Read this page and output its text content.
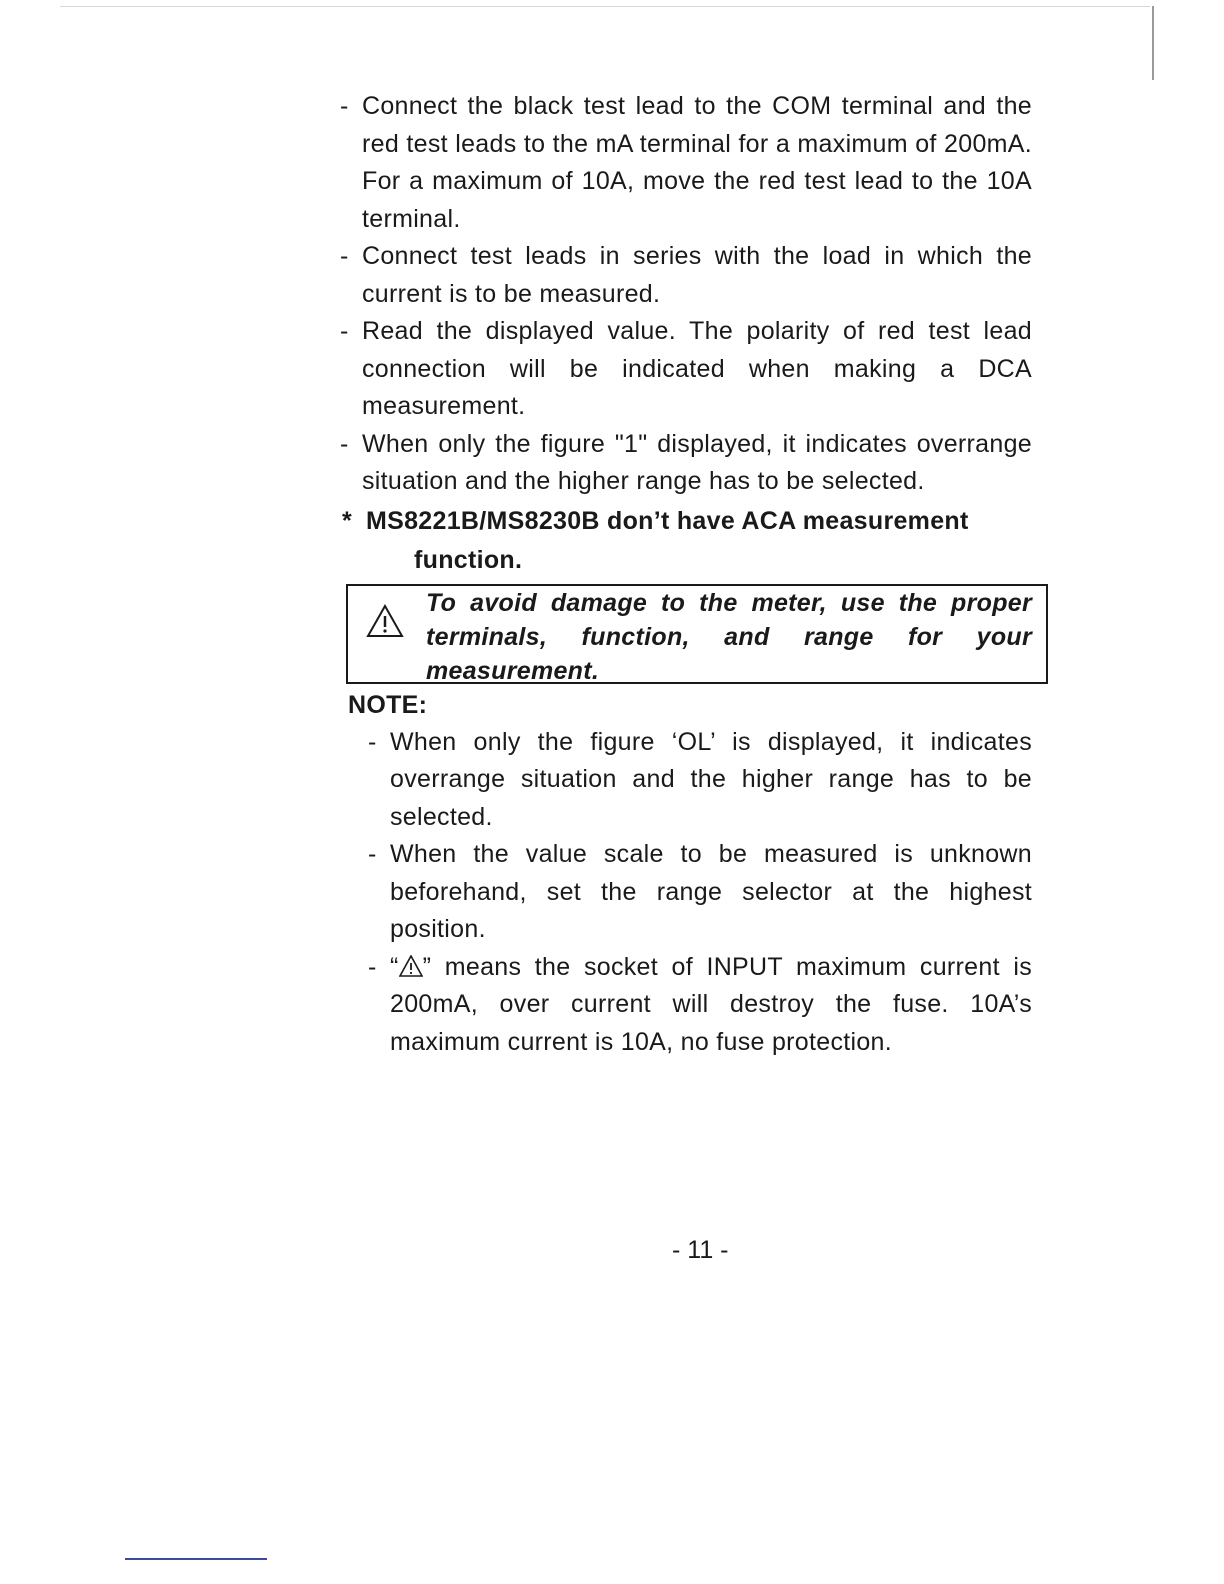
- Connect the black test lead to the COM terminal and the red test leads to the mA terminal for a maximum of 200mA. For a maximum of 10A, move the red test lead to the 10A terminal.

- Connect test leads in series with the load in which the current is to be measured.

- Read the displayed value. The polarity of red test lead connection will be indicated when making a DCA measurement.

- When only the figure "1" displayed, it indicates overrange situation and the higher range has to be selected.

* MS8221B/MS8230B don’t have ACA measurement
function.
To avoid damage to the meter, use the proper terminals, function, and range for your measurement.
NOTE:
- When only the figure ‘OL’ is displayed, it indicates overrange situation and the higher range has to be selected.

- When the value scale to be measured is unknown beforehand, set the range selector at the highest position.

- “ ” means the socket of INPUT maximum current is 200mA, over current will destroy the fuse. 10A’s maximum current is 10A, no fuse protection.

- 11 -
